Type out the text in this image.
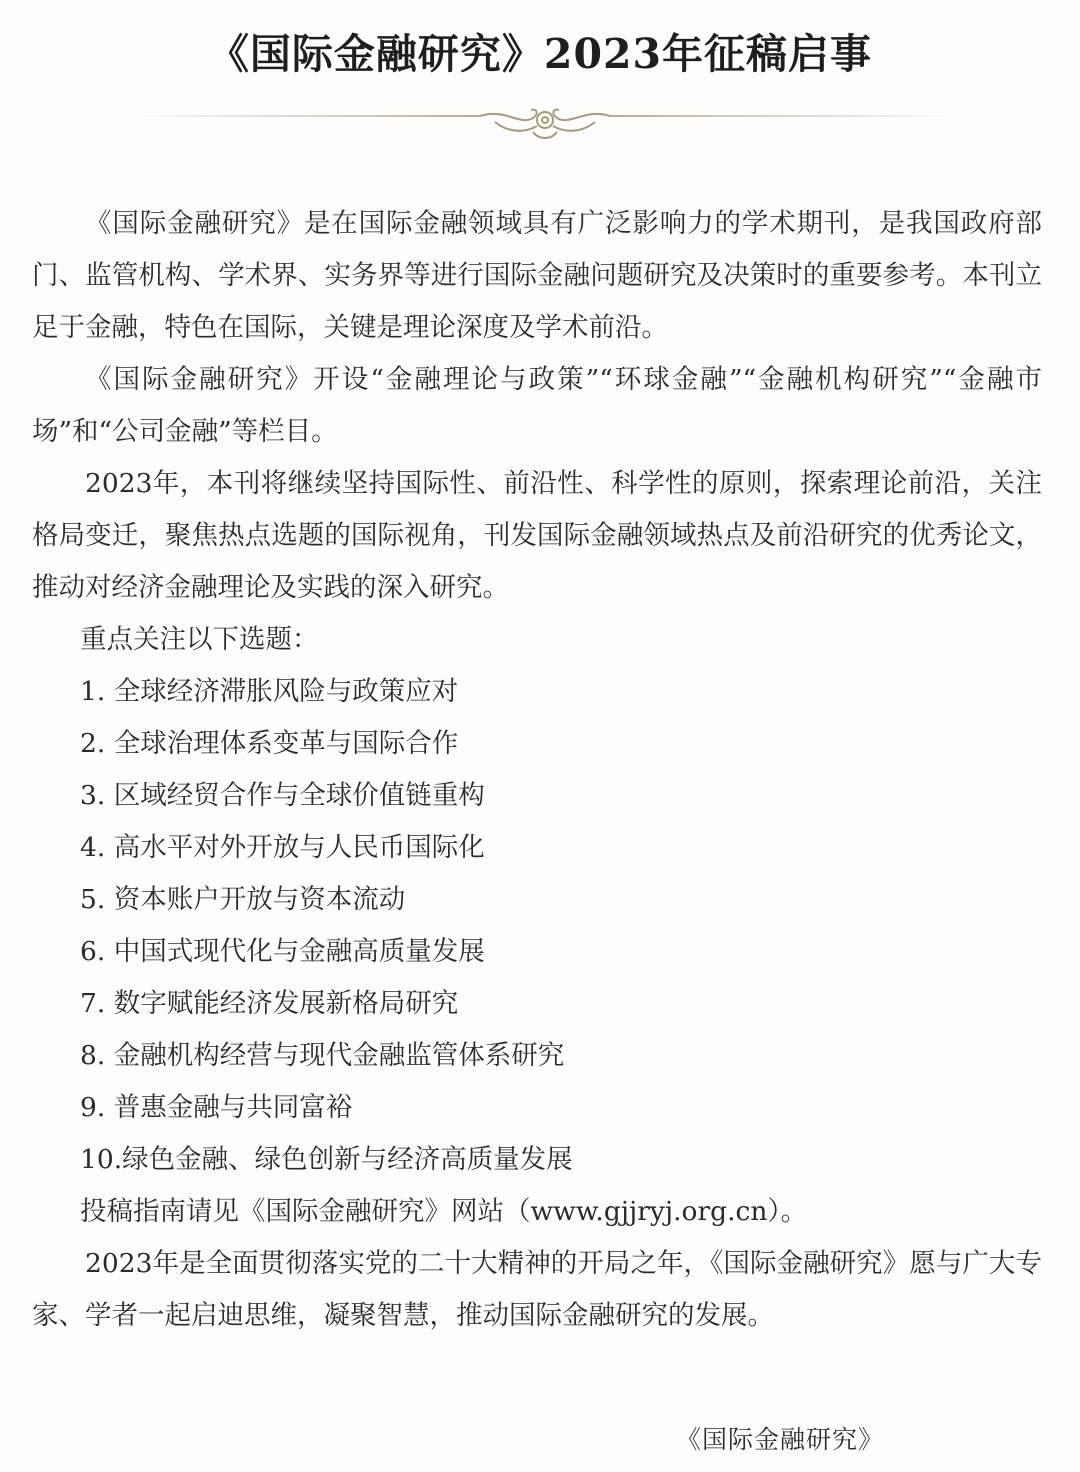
《国际金融研究》2023年征稿启事

《国际金融研究》是在国际金融领域具有广泛影响力的学术期刊，是我国政府部门、监管机构、学术界、实务界等进行国际金融问题研究及决策时的重要参考。本刊立足于金融，特色在国际，关键是理论深度及学术前沿。

《国际金融研究》开设“金融理论与政策”“环球金融”“金融机构研究”“金融市场”和“公司金融”等栏目。

2023年，本刊将继续坚持国际性、前沿性、科学性的原则，探索理论前沿，关注格局变迁，聚焦热点选题的国际视角，刊发国际金融领域热点及前沿研究的优秀论文，推动对经济金融理论及实践的深入研究。

重点关注以下选题：

1. 全球经济滞胀风险与政策应对

2. 全球治理体系变革与国际合作

3. 区域经贸合作与全球价值链重构

4. 高水平对外开放与人民币国际化

5. 资本账户开放与资本流动

6. 中国式现代化与金融高质量发展

7. 数字赋能经济发展新格局研究

8. 金融机构经营与现代金融监管体系研究

9. 普惠金融与共同富裕

10.绿色金融、绿色创新与经济高质量发展

投稿指南请见《国际金融研究》网站（www.gjjryj.org.cn）。

2023年是全面贯彻落实党的二十大精神的开局之年，《国际金融研究》愿与广大专家、学者一起启迪思维，凝聚智慧，推动国际金融研究的发展。

《国际金融研究》
